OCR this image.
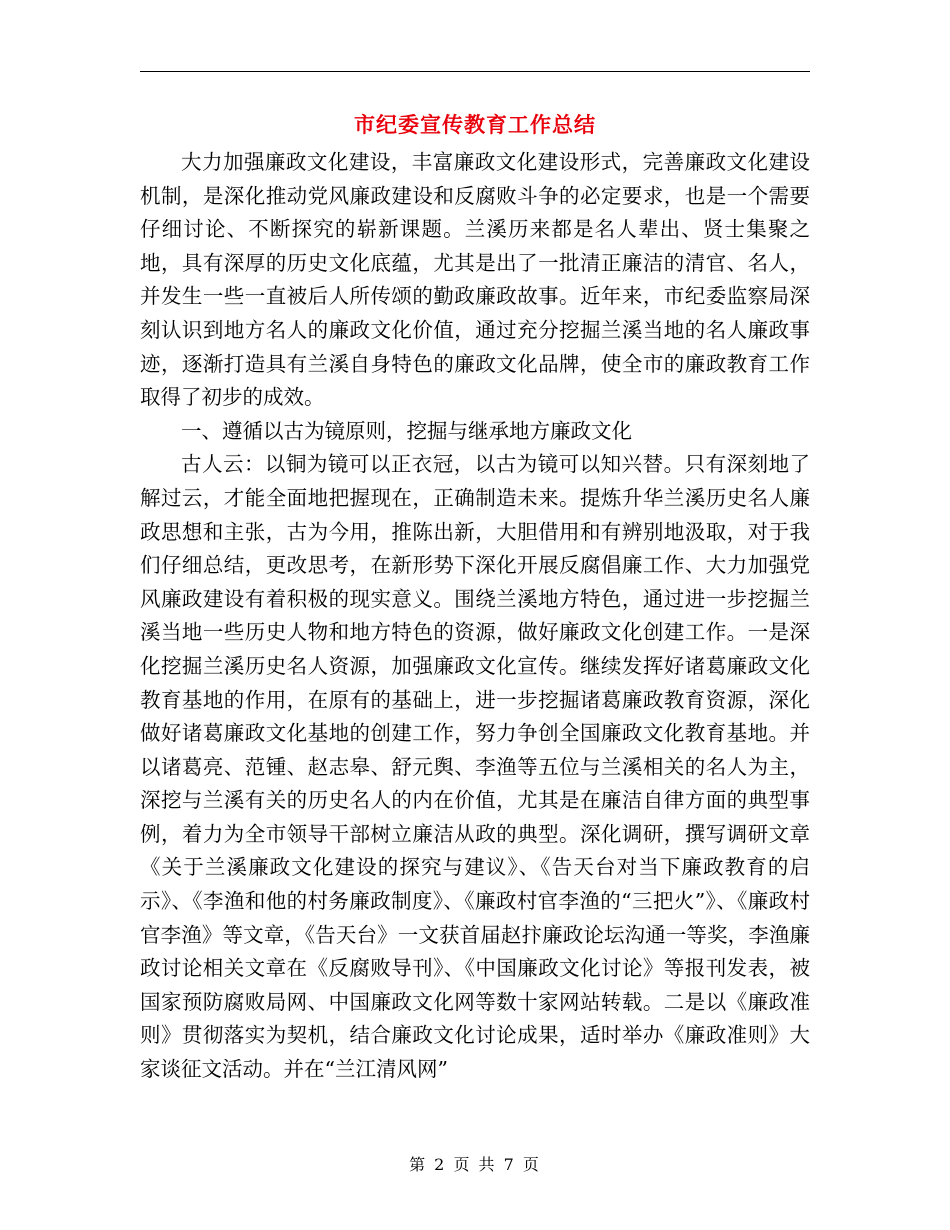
市纪委宣传教育工作总结

大力加强廉政文化建设，丰富廉政文化建设形式，完善廉政文化建设机制，是深化推动党风廉政建设和反腐败斗争的必定要求，也是一个需要仔细讨论、不断探究的崭新课题。兰溪历来都是名人辈出、贤士集聚之地，具有深厚的历史文化底蕴，尤其是出了一批清正廉洁的清官、名人，并发生一些一直被后人所传颂的勤政廉政故事。近年来，市纪委监察局深刻认识到地方名人的廉政文化价值，通过充分挖掘兰溪当地的名人廉政事迹，逐渐打造具有兰溪自身特色的廉政文化品牌，使全市的廉政教育工作取得了初步的成效。

一、遵循以古为镜原则，挖掘与继承地方廉政文化

古人云：以铜为镜可以正衣冠，以古为镜可以知兴替。只有深刻地了解过云，才能全面地把握现在，正确制造未来。提炼升华兰溪历史名人廉政思想和主张，古为今用，推陈出新，大胆借用和有辨别地汲取，对于我们仔细总结，更改思考，在新形势下深化开展反腐倡廉工作、大力加强党风廉政建设有着积极的现实意义。围绕兰溪地方特色，通过进一步挖掘兰溪当地一些历史人物和地方特色的资源，做好廉政文化创建工作。一是深化挖掘兰溪历史名人资源，加强廉政文化宣传。继续发挥好诸葛廉政文化教育基地的作用，在原有的基础上，进一步挖掘诸葛廉政教育资源，深化做好诸葛廉政文化基地的创建工作，努力争创全国廉政文化教育基地。并以诸葛亮、范锺、赵志皋、舒元舆、李渔等五位与兰溪相关的名人为主，深挖与兰溪有关的历史名人的内在价值，尤其是在廉洁自律方面的典型事例，着力为全市领导干部树立廉洁从政的典型。深化调研，撰写调研文章《关于兰溪廉政文化建设的探究与建议》、《告天台对当下廉政教育的启示》、《李渔和他的村务廉政制度》、《廉政村官李渔的“三把火”》、《廉政村官李渔》等文章，《告天台》一文获首届赵抃廉政论坛沟通一等奖，李渔廉政讨论相关文章在《反腐败导刊》、《中国廉政文化讨论》等报刊发表，被国家预防腐败局网、中国廉政文化网等数十家网站转载。二是以《廉政准则》贯彻落实为契机，结合廉政文化讨论成果，适时举办《廉政准则》大家谈征文活动。并在“兰江清风网”

第 2 页 共 7 页
